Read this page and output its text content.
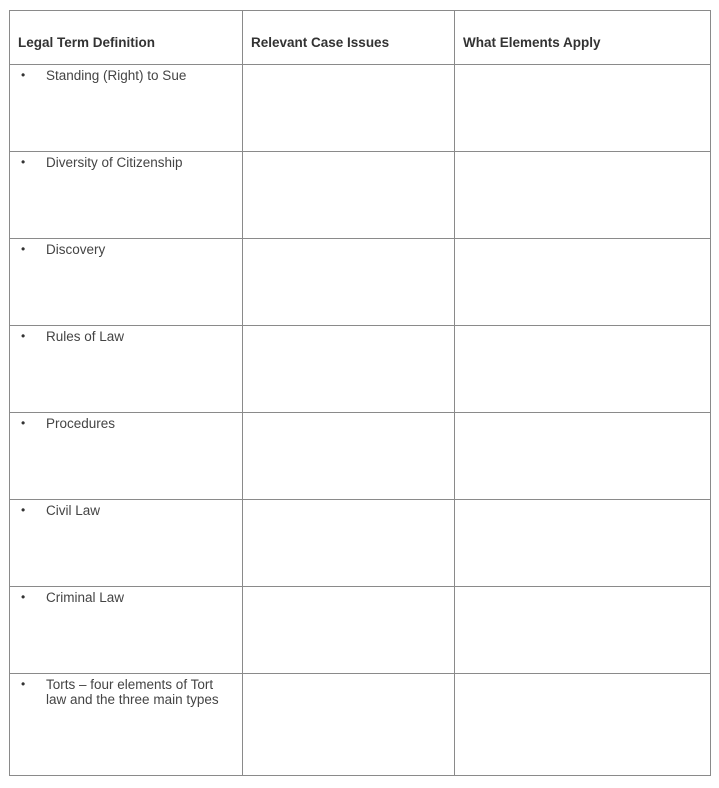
Legal Term Definition	Relevant Case Issues	What Elements Apply
•	Standing (Right) to Sue
•	Diversity of Citizenship
•	Discovery
•	Rules of Law
•	Procedures
•	Civil Law
•	Criminal Law
•	Torts – four elements of Tort law and the three main types
